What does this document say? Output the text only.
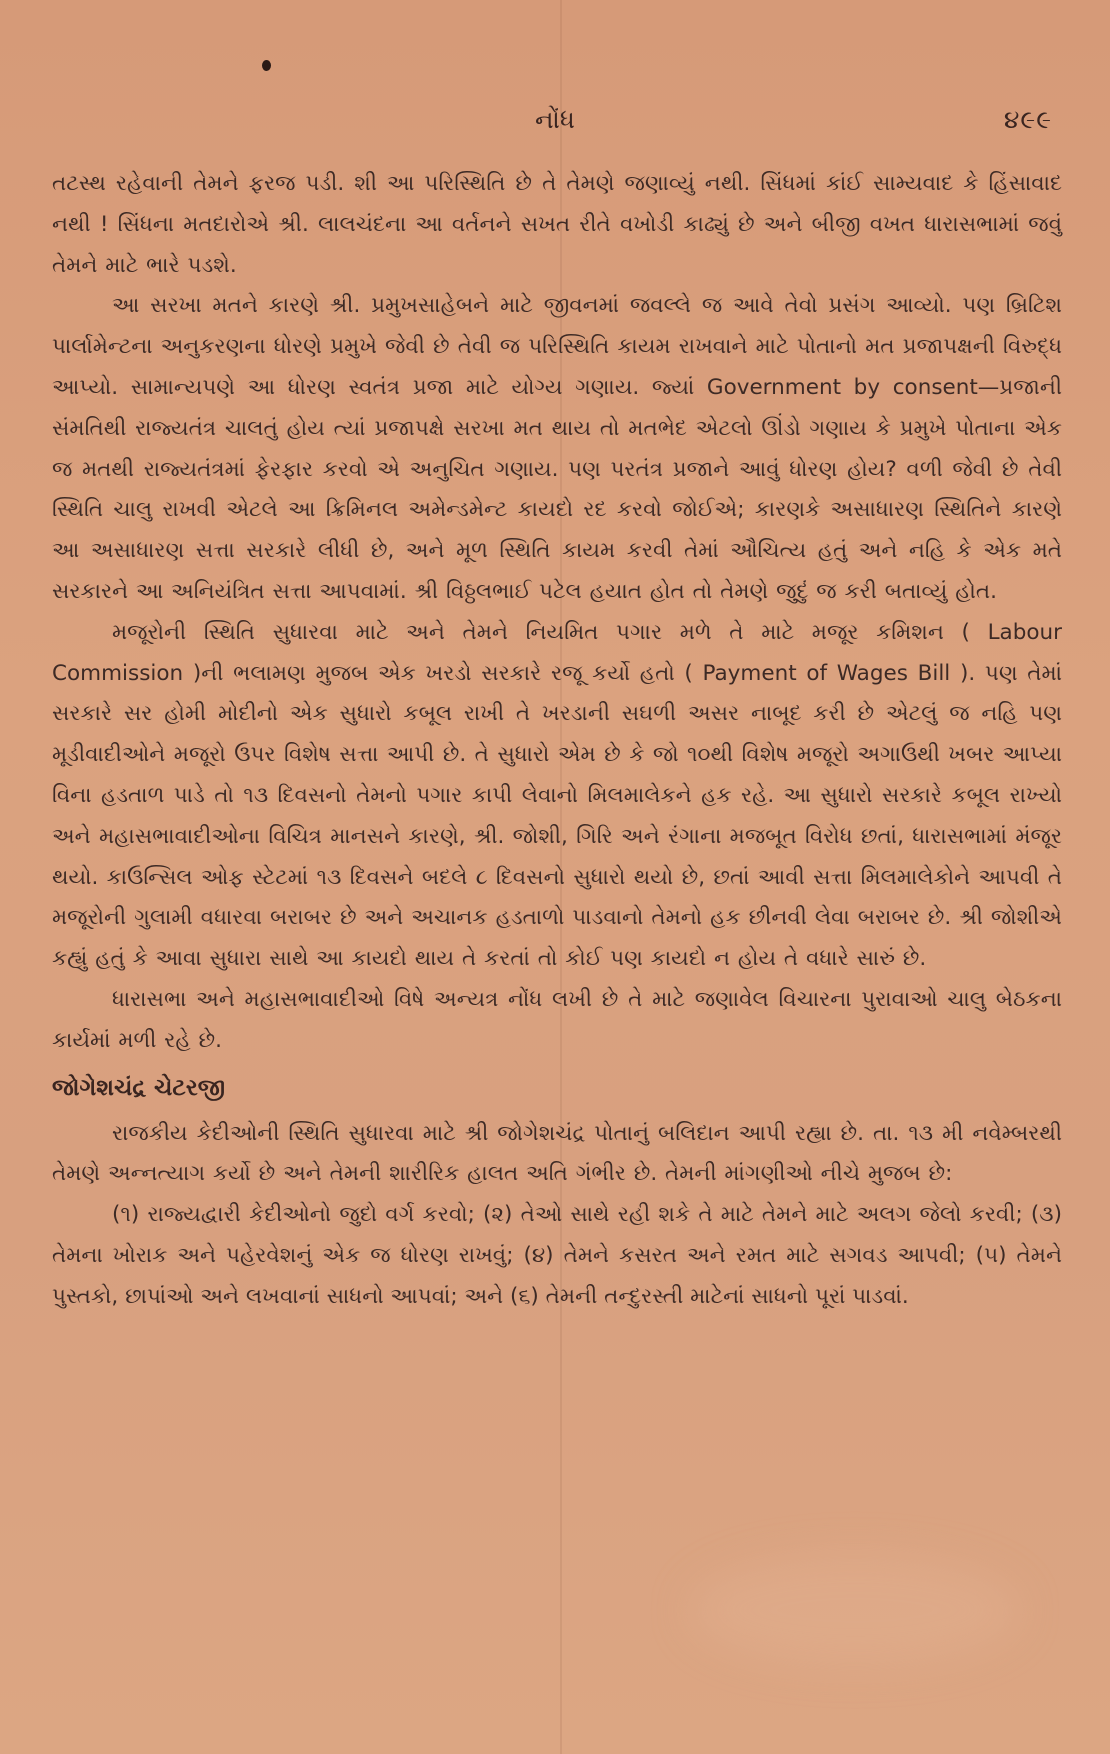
નોંધ	૪૯૯

તટસ્થ રહેવાની તેમને ફરજ પડી. શી આ પરિસ્થિતિ છે તે તેમણે જણાવ્યું નથી. સિંધમાં કાંઈ સામ્યવાદ કે હિંસાવાદ નથી ! સિંધના મતદારોએ શ્રી. લાલચંદના આ વર્તનને સખત રીતે વખોડી કાઢ્યું છે અને બીજી વખત ધારાસભામાં જવું તેમને માટે ભારે પડશે.

આ સરખા મતને કારણે શ્રી. પ્રમુખસાહેબને માટે જીવનમાં જવલ્લે જ આવે તેવો પ્રસંગ આવ્યો. પણ બ્રિટિશ પાર્લામેન્ટના અનુકરણના ધોરણે પ્રમુખે જેવી છે તેવી જ પરિસ્થિતિ કાયમ રાખવાને માટે પોતાનો મત પ્રજાપક્ષની વિરુદ્ધ આપ્યો. સામાન્યપણે આ ધોરણ સ્વતંત્ર પ્રજા માટે યોગ્ય ગણાય. જ્યાં Government by consent—પ્રજાની સંમતિથી રાજ્યતંત્ર ચાલતું હોય ત્યાં પ્રજાપક્ષે સરખા મત થાય તો મતભેદ એટલો ઊંડો ગણાય કે પ્રમુખે પોતાના એક જ મતથી રાજ્યતંત્રમાં ફેરફાર કરવો એ અનુચિત ગણાય. પણ પરતંત્ર પ્રજાને આવું ધોરણ હોય? વળી જેવી છે તેવી સ્થિતિ ચાલુ રાખવી એટલે આ ક્રિમિનલ અમેન્ડમેન્ટ કાયદો રદ કરવો જોઈએ; કારણકે અસાધારણ સ્થિતિને કારણે આ અસાધારણ સત્તા સરકારે લીધી છે, અને મૂળ સ્થિતિ કાયમ કરવી તેમાં ઔચિત્ય હતું અને નહિ કે એક મતે સરકારને આ અનિયંત્રિત સત્તા આપવામાં. શ્રી વિઠ્ઠલભાઈ પટેલ હયાત હોત તો તેમણે જુદું જ કરી બતાવ્યું હોત.

મજૂરોની સ્થિતિ સુધારવા માટે અને તેમને નિયમિત પગાર મળે તે માટે મજૂર કમિશન ( Labour Commission )ની ભલામણ મુજબ એક ખરડો સરકારે રજૂ કર્યો હતો ( Payment of Wages Bill ). પણ તેમાં સરકારે સર હોમી મોદીનો એક સુધારો કબૂલ રાખી તે ખરડાની સઘળી અસર નાબૂદ કરી છે એટલું જ નહિ પણ મૂડીવાદીઓને મજૂરો ઉપર વિશેષ સત્તા આપી છે. તે સુધારો એમ છે કે જો ૧૦થી વિશેષ મજૂરો અગાઉથી ખબર આપ્યા વિના હડતાળ પાડે તો ૧૩ દિવસનો તેમનો પગાર કાપી લેવાનો મિલમાલેકને હક રહે. આ સુધારો સરકારે કબૂલ રાખ્યો અને મહાસભાવાદીઓના વિચિત્ર માનસને કારણે, શ્રી. જોશી, ગિરિ અને રંગાના મજબૂત વિરોધ છતાં, ધારાસભામાં મંજૂર થયો. કાઉન્સિલ ઓફ સ્ટેટમાં ૧૩ દિવસને બદલે ૮ દિવસનો સુધારો થયો છે, છતાં આવી સત્તા મિલમાલેકોને આપવી તે મજૂરોની ગુલામી વધારવા બરાબર છે અને અચાનક હડતાળો પાડવાનો તેમનો હક છીનવી લેવા બરાબર છે. શ્રી જોશીએ કહ્યું હતું કે આવા સુધારા સાથે આ કાયદો થાય તે કરતાં તો કોઈ પણ કાયદો ન હોય તે વધારે સારું છે.

ધારાસભા અને મહાસભાવાદીઓ વિષે અન્યત્ર નોંધ લખી છે તે માટે જણાવેલ વિચારના પુરાવાઓ ચાલુ બેઠકના કાર્યમાં મળી રહે છે.

જોગેશચંદ્ર ચેટરજી

રાજકીય કેદીઓની સ્થિતિ સુધારવા માટે શ્રી જોગેશચંદ્ર પોતાનું બલિદાન આપી રહ્યા છે. તા. ૧૩ મી નવેમ્બરથી તેમણે અન્નત્યાગ કર્યો છે અને તેમની શારીરિક હાલત અતિ ગંભીર છે. તેમની માંગણીઓ નીચે મુજબ છે:

(૧) રાજ્યદ્વારી કેદીઓનો જુદો વર્ગ કરવો; (૨) તેઓ સાથે રહી શકે તે માટે તેમને માટે અલગ જેલો કરવી; (૩) તેમના ખોરાક અને પહેરવેશનું એક જ ધોરણ રાખવું; (૪) તેમને કસરત અને રમત માટે સગવડ આપવી; (૫) તેમને પુસ્તકો, છાપાંઓ અને લખવાનાં સાધનો આપવાં; અને (૬) તેમની તન્દુરસ્તી માટેનાં સાધનો પૂરાં પાડવાં.
